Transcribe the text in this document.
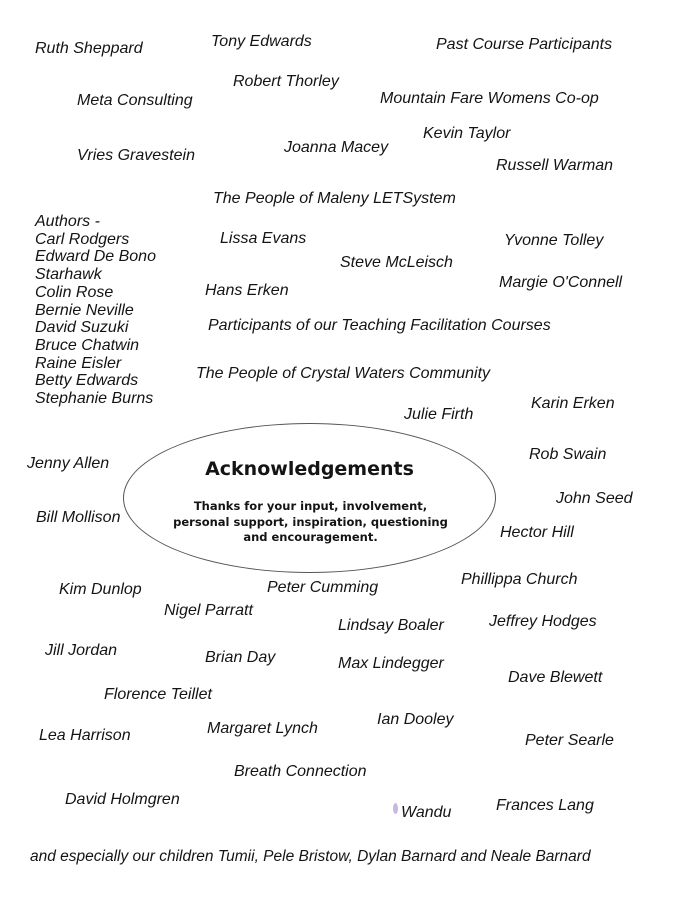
Ruth Sheppard	Tony Edwards	Past Course Participants
Robert Thorley
Meta Consulting	Mountain Fare Womens Co-op
Kevin Taylor
Joanna Macey
Vries Gravestein
Russell Warman
The People of Maleny LETSystem
Authors -
Carl Rodgers
Edward De Bono
Starhawk
Colin Rose
Bernie Neville
David Suzuki
Bruce Chatwin
Raine Eisler
Betty Edwards
Stephanie Burns
Lissa Evans	Yvonne Tolley
Steve McLeisch
Margie O'Connell
Hans Erken
Participants of our Teaching Facilitation Courses
The People of Crystal Waters Community
Julie Firth
Karin Erken
Acknowledgements
Thanks for your input, involvement, personal support, inspiration, questioning and encouragement.
Jenny Allen
Rob Swain
John Seed
Bill Mollison
Hector Hill
Kim Dunlop	Peter Cumming	Phillippa Church
Nigel Parratt
Lindsay Boaler	Jeffrey Hodges
Jill Jordan	Brian Day	Max Lindegger
Dave Blewett
Florence Teillet
Ian Dooley
Lea Harrison	Margaret Lynch
Peter Searle
Breath Connection
David Holmgren
Wandu	Frances Lang
and especially our children Tumii, Pele Bristow, Dylan Barnard and Neale Barnard
